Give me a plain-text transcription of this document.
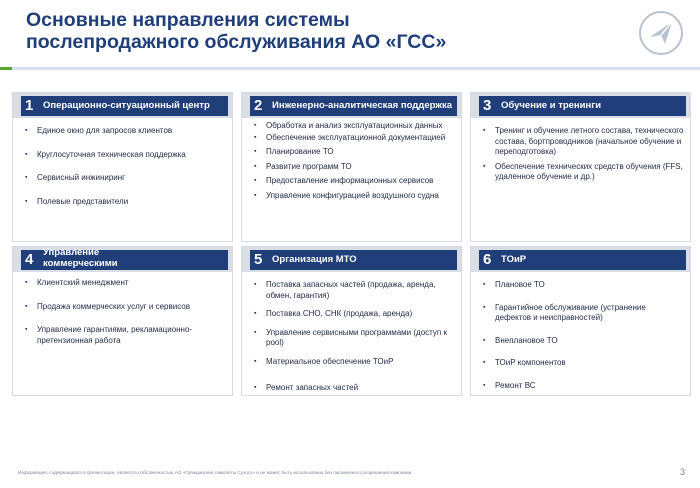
Основные направления системы
послепродажного обслуживания АО «ГСС»
1 Операционно-ситуационный центр
▪ Единое окно для запросов клиентов
▪ Круглосуточная техническая поддержка
▪ Сервисный инжиниринг
▪ Полевые представители
2 Инженерно-аналитическая поддержка
▪ Обработка и анализ эксплуатационных данных
▪ Обеспечение эксплуатационной документацией
▪ Планирование ТО
▪ Развитие программ ТО
▪ Предоставление информационных сервисов
▪ Управление конфигурацией воздушного судна
3 Обучение и тренинги
▪ Тренинг и обучение летного состава, технического состава, бортпроводников (начальное обучение и переподготовка)
▪ Обеспечение технических средств обучения (FFS, удаленное обучение и др.)
4 Управление коммерческими услугами
▪ Клиентский менеджмент
▪ Продажа коммерческих услуг и сервисов
▪ Управление гарантиями, рекламационно-претензионная работа
5 Организация МТО
▪ Поставка запасных частей (продажа, аренда, обмен, гарантия)
▪ Поставка СНО, СНК (продажа, аренда)
▪ Управление сервисными программами (доступ к pool)
▪ Материальное обеспечение ТОиР
▪ Ремонт запасных частей
6 ТОиР
▪ Плановое ТО
▪ Гарантийное обслуживание (устранение дефектов и неисправностей)
▪ Внеплановое ТО
▪ ТОиР компонентов
▪ Ремонт ВС
Информация, содержащаяся в презентации, является собственностью АО «Гражданские самолеты Сухого» и не может быть использована без письменного разрешения компании	3
